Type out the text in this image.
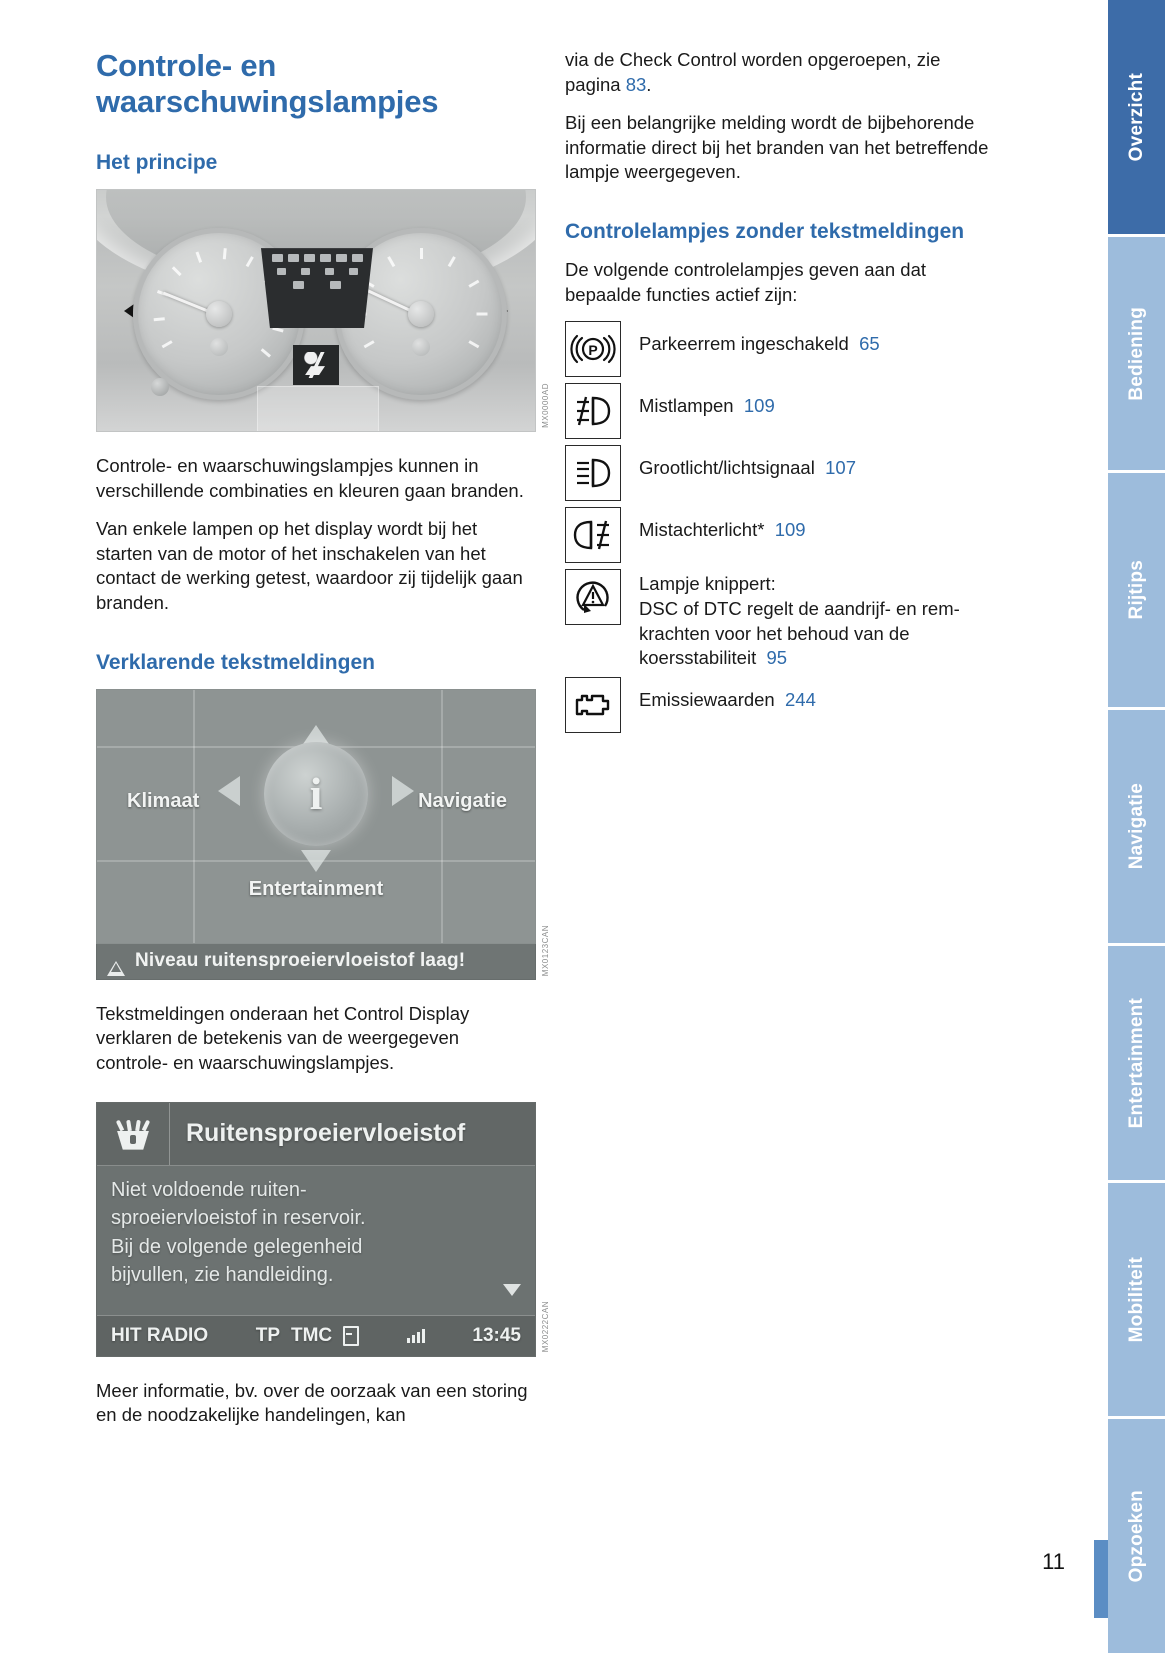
Controle- en waarschuwingslampjes
Het principe
MX0000AD

Controle- en waarschuwingslampjes kunnen in verschillende combinaties en kleuren gaan branden.

Van enkele lampen op het display wordt bij het starten van de motor of het inschakelen van het contact de werking getest, waardoor zij tijdelijk gaan branden.

Verklarende tekstmeldingen
i
Klimaat	Navigatie
Entertainment
Niveau ruitensproeiervloeistof laag!	MX0123CAN

Tekstmeldingen onderaan het Control Display verklaren de betekenis van de weergegeven controle- en waarschuwingslampjes.

Ruitensproeiervloeistof

Niet voldoende ruiten-

sproeiervloeistof in reservoir.

Bij de volgende gelegenheid

bijvullen, zie handleiding.

HIT RADIO	TP TMC	13:45	MX0222CAN

Meer informatie, bv. over de oorzaak van een storing en de noodzakelijke handelingen, kan

via de Check Control worden opgeroepen, zie pagina 83.

Bij een belangrijke melding wordt de bijbehorende informatie direct bij het branden van het betreffende lampje weergegeven.

Controlelampjes zonder tekstmeldingen

De volgende controlelampjes geven aan dat bepaalde functies actief zijn:

P Parkeerrem ingeschakeld 65
Mistlampen 109
Grootlicht/lichtsignaal 107
Mistachterlicht* 109
Lampje knippert:
DSC of DTC regelt de aandrijf- en rem-
krachten voor het behoud van de
koersstabiliteit 95
Emissiewaarden 244
11
Overzicht
Bediening
Rijtips
Navigatie
Entertainment
Mobiliteit
Opzoeken
